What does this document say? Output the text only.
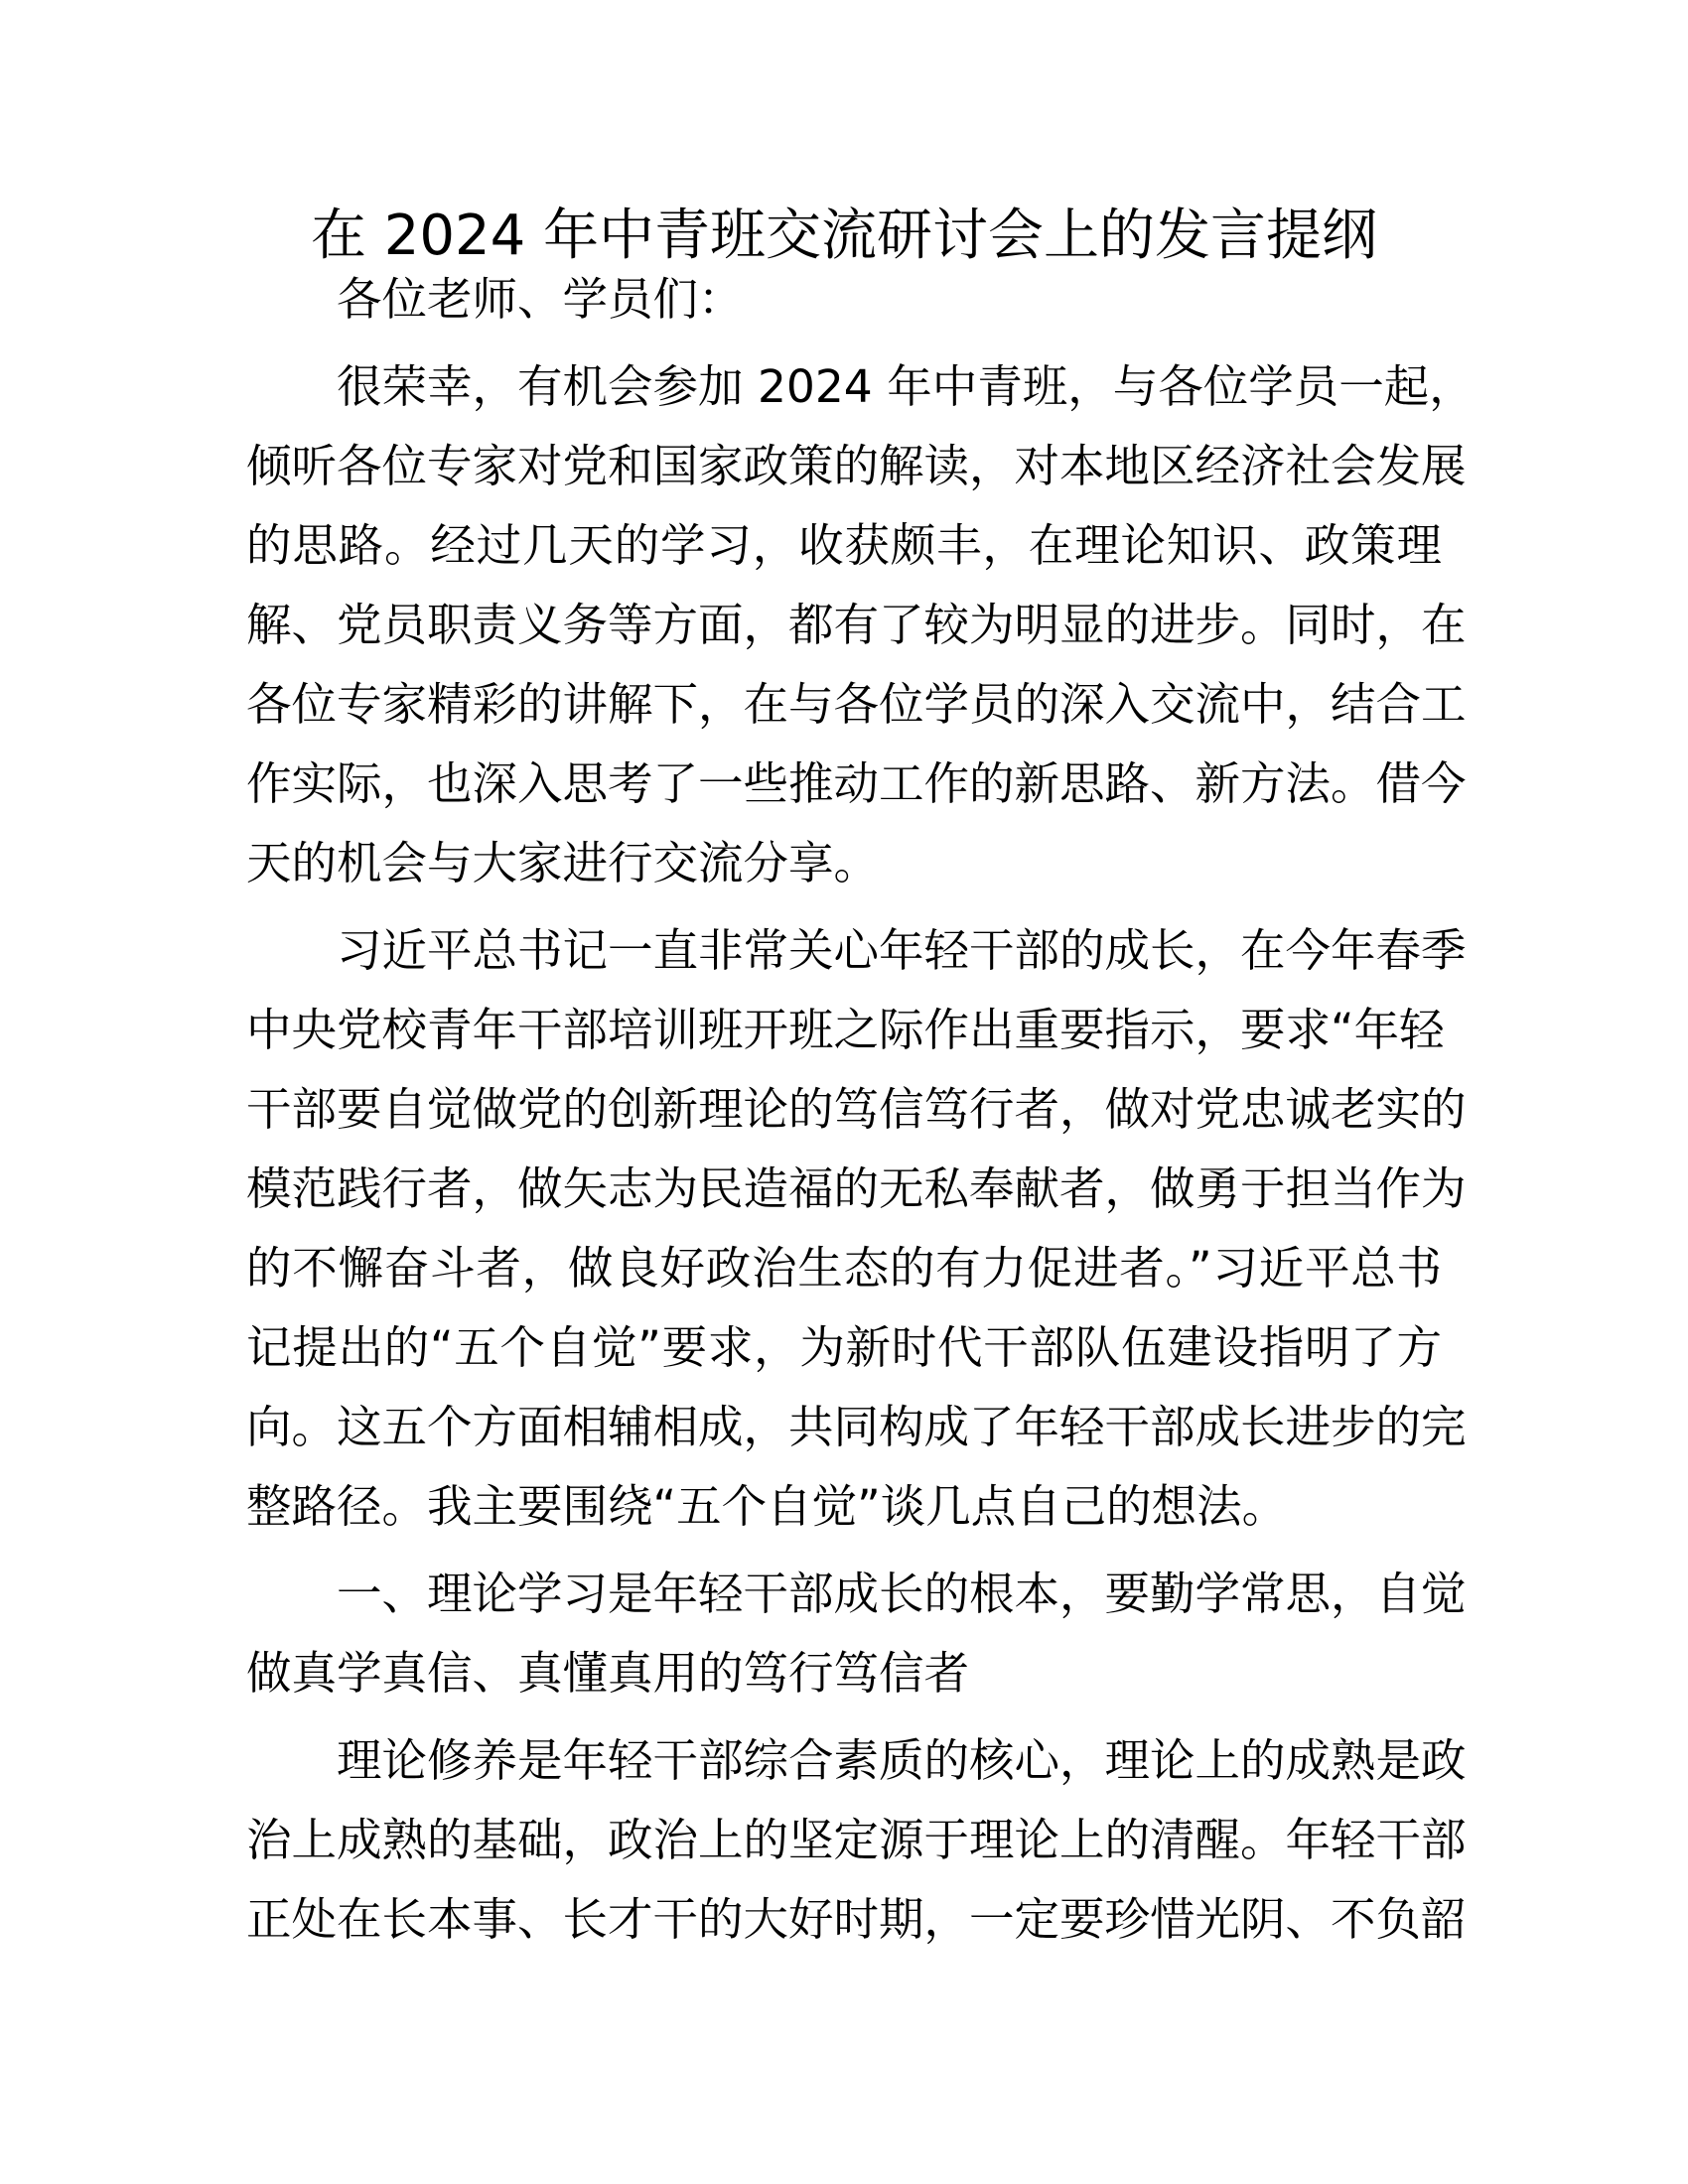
在 2024 年中青班交流研讨会上的发言提纲

各位老师、学员们：

很荣幸，有机会参加 2024 年中青班，与各位学员一起，
倾听各位专家对党和国家政策的解读，对本地区经济社会发展
的思路。经过几天的学习，收获颇丰，在理论知识、政策理
解、党员职责义务等方面，都有了较为明显的进步。同时，在
各位专家精彩的讲解下，在与各位学员的深入交流中，结合工
作实际，也深入思考了一些推动工作的新思路、新方法。借今
天的机会与大家进行交流分享。

习近平总书记一直非常关心年轻干部的成长，在今年春季
中央党校青年干部培训班开班之际作出重要指示，要求“年轻
干部要自觉做党的创新理论的笃信笃行者，做对党忠诚老实的
模范践行者，做矢志为民造福的无私奉献者，做勇于担当作为
的不懈奋斗者，做良好政治生态的有力促进者。”习近平总书
记提出的“五个自觉”要求，为新时代干部队伍建设指明了方
向。这五个方面相辅相成，共同构成了年轻干部成长进步的完
整路径。我主要围绕“五个自觉”谈几点自己的想法。

一、理论学习是年轻干部成长的根本，要勤学常思，自觉
做真学真信、真懂真用的笃行笃信者

理论修养是年轻干部综合素质的核心，理论上的成熟是政
治上成熟的基础，政治上的坚定源于理论上的清醒。年轻干部
正处在长本事、长才干的大好时期，一定要珍惜光阴、不负韶
